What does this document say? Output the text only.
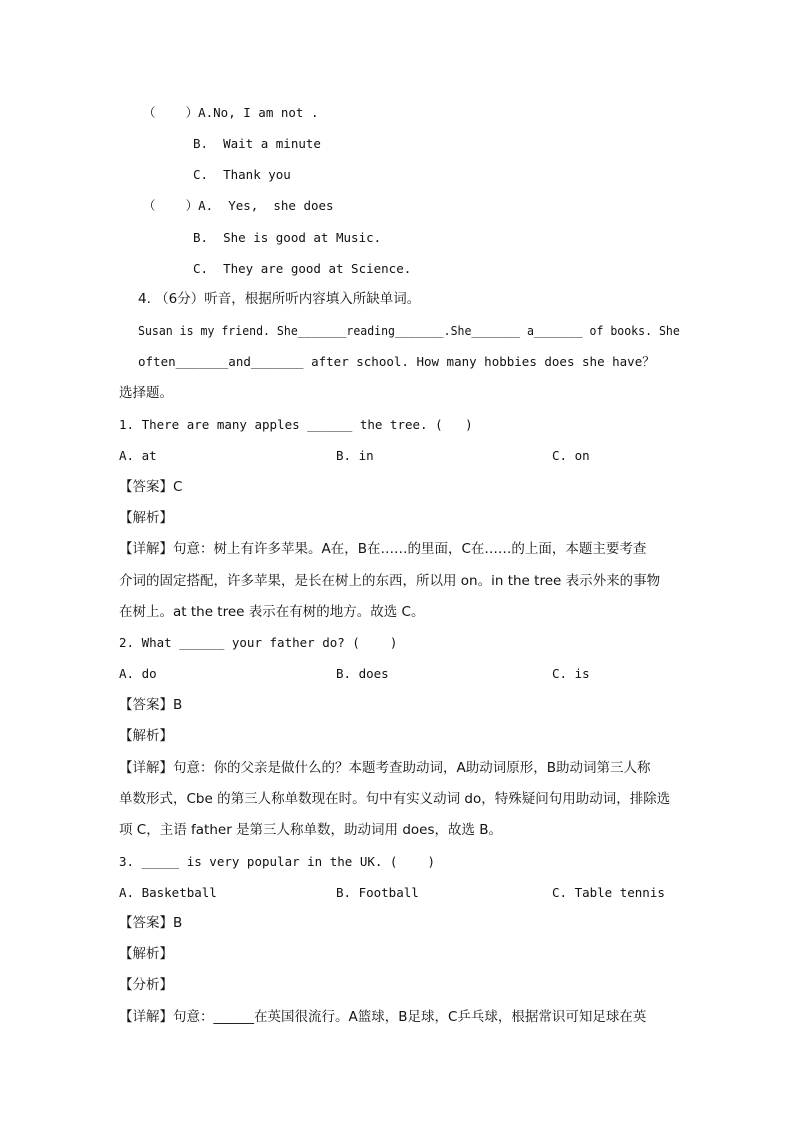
（    ）A.No, I am not .
B.  Wait a minute
C.  Thank you
（    ）A.  Yes,  she does
B.  She is good at Music.
C.  They are good at Science.
4. （6分）听音，根据所听内容填入所缺单词。
Susan is my friend. She_______reading_______.She_______ a_______ of books. She
often_______and_______ after school. How many hobbies does she have？
选择题。
1. There are many apples ______ the tree. (   )
A. at	B. in	C. on
【答案】C
【解析】
【详解】句意：树上有许多苹果。A在，B在……的里面，C在……的上面，本题主要考查
介词的固定搭配，许多苹果，是长在树上的东西，所以用 on。in the tree 表示外来的事物
在树上。at the tree 表示在有树的地方。故选 C。
2. What ______ your father do? (    )
A. do	B. does	C. is
【答案】B
【解析】
【详解】句意：你的父亲是做什么的？本题考查助动词，A助动词原形，B助动词第三人称
单数形式，Cbe 的第三人称单数现在时。句中有实义动词 do，特殊疑问句用助动词，排除选
项 C，主语 father 是第三人称单数，助动词用 does，故选 B。
3. _____ is very popular in the UK. (    )
A. Basketball	B. Football	C. Table tennis
【答案】B
【解析】
【分析】
【详解】句意：______在英国很流行。A篮球，B足球，C乒乓球，根据常识可知足球在英
